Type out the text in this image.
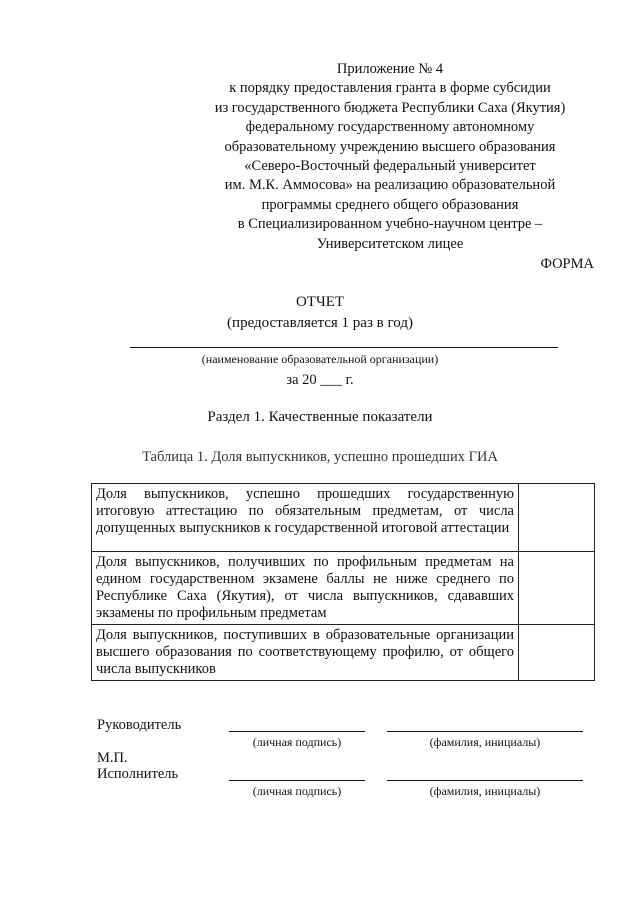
Приложение № 4
к порядку предоставления гранта в форме субсидии
из государственного бюджета Республики Саха (Якутия)
федеральному государственному автономному
образовательному учреждению высшего образования
«Северо-Восточный федеральный университет
им. М.К. Аммосова» на реализацию образовательной
программы среднего общего образования
в Специализированном учебно-научном центре –
Университетском лицее
ФОРМА
ОТЧЕТ
(предоставляется 1 раз в год)
(наименование образовательной организации)
за 20 ___ г.
Раздел 1. Качественные показатели
Таблица 1. Доля выпускников, успешно прошедших ГИА
Доля выпускников, успешно прошедших государственную итоговую аттестацию по обязательным предметам, от числа допущенных выпускников к государственной итоговой аттестации	
Доля выпускников, получивших по профильным предметам на едином государственном экзамене баллы не ниже среднего по Республике Саха (Якутия), от числа выпускников, сдававших экзамены по профильным предметам	
Доля выпускников, поступивших в образовательные организации высшего образования по соответствующему профилю, от общего числа выпускников	
Руководитель
(личная подпись)	(фамилия, инициалы)
М.П.
Исполнитель
(личная подпись)	(фамилия, инициалы)
